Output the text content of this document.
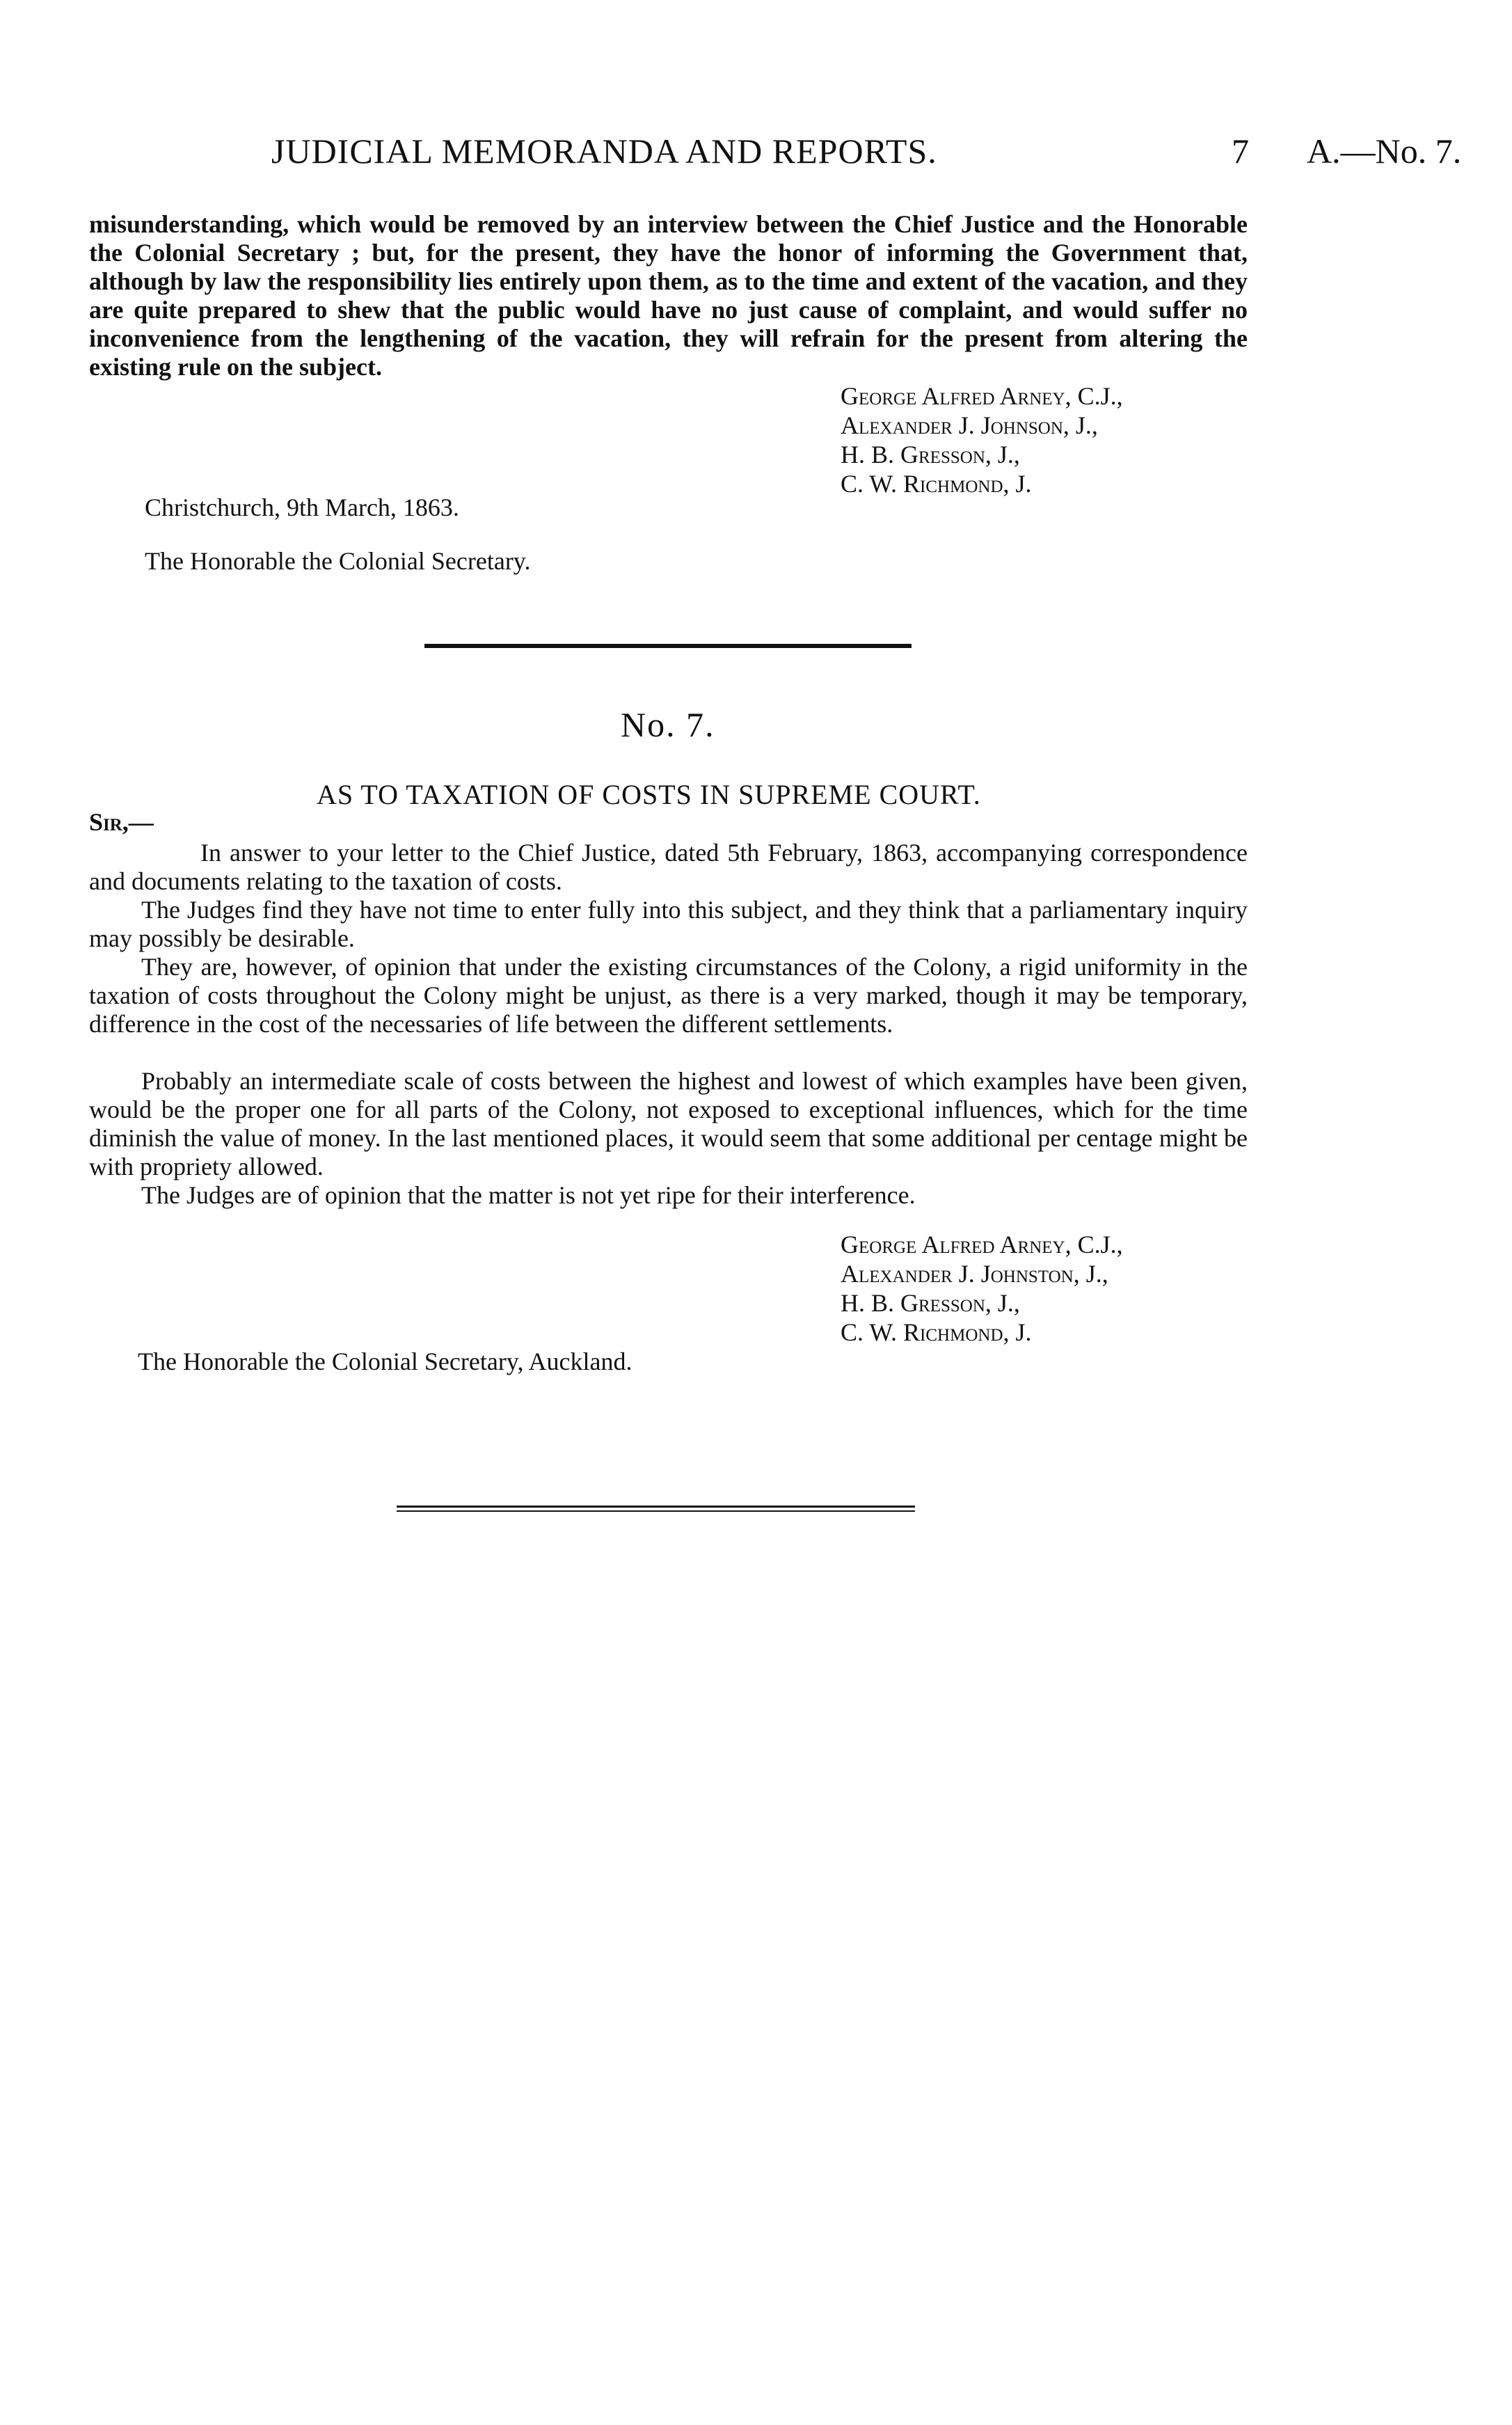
JUDICIAL MEMORANDA AND REPORTS.	7 A.—No. 7.

misunderstanding, which would be removed by an interview between the Chief Justice and the Honorable the Colonial Secretary ; but, for the present, they have the honor of informing the Government that, although by law the responsibility lies entirely upon them, as to the time and extent of the vacation, and they are quite prepared to shew that the public would have no just cause of complaint, and would suffer no inconvenience from the lengthening of the vacation, they will refrain for the present from altering the existing rule on the subject.

George Alfred Arney, C.J.,
Alexander J. Johnson, J.,
H. B. Gresson, J.,
C. W. Richmond, J.
Christchurch, 9th March, 1863.
The Honorable the Colonial Secretary.
No. 7.
AS TO TAXATION OF COSTS IN SUPREME COURT.
Sir,—

In answer to your letter to the Chief Justice, dated 5th February, 1863, accompanying correspondence and documents relating to the taxation of costs.

The Judges find they have not time to enter fully into this subject, and they think that a parliamentary inquiry may possibly be desirable.

They are, however, of opinion that under the existing circumstances of the Colony, a rigid uniformity in the taxation of costs throughout the Colony might be unjust, as there is a very marked, though it may be temporary, difference in the cost of the necessaries of life between the different settlements.

Probably an intermediate scale of costs between the highest and lowest of which examples have been given, would be the proper one for all parts of the Colony, not exposed to exceptional influences, which for the time diminish the value of money. In the last mentioned places, it would seem that some additional per centage might be with propriety allowed.

The Judges are of opinion that the matter is not yet ripe for their interference.

George Alfred Arney, C.J.,
Alexander J. Johnston, J.,
H. B. Gresson, J.,
C. W. Richmond, J.
The Honorable the Colonial Secretary, Auckland.
